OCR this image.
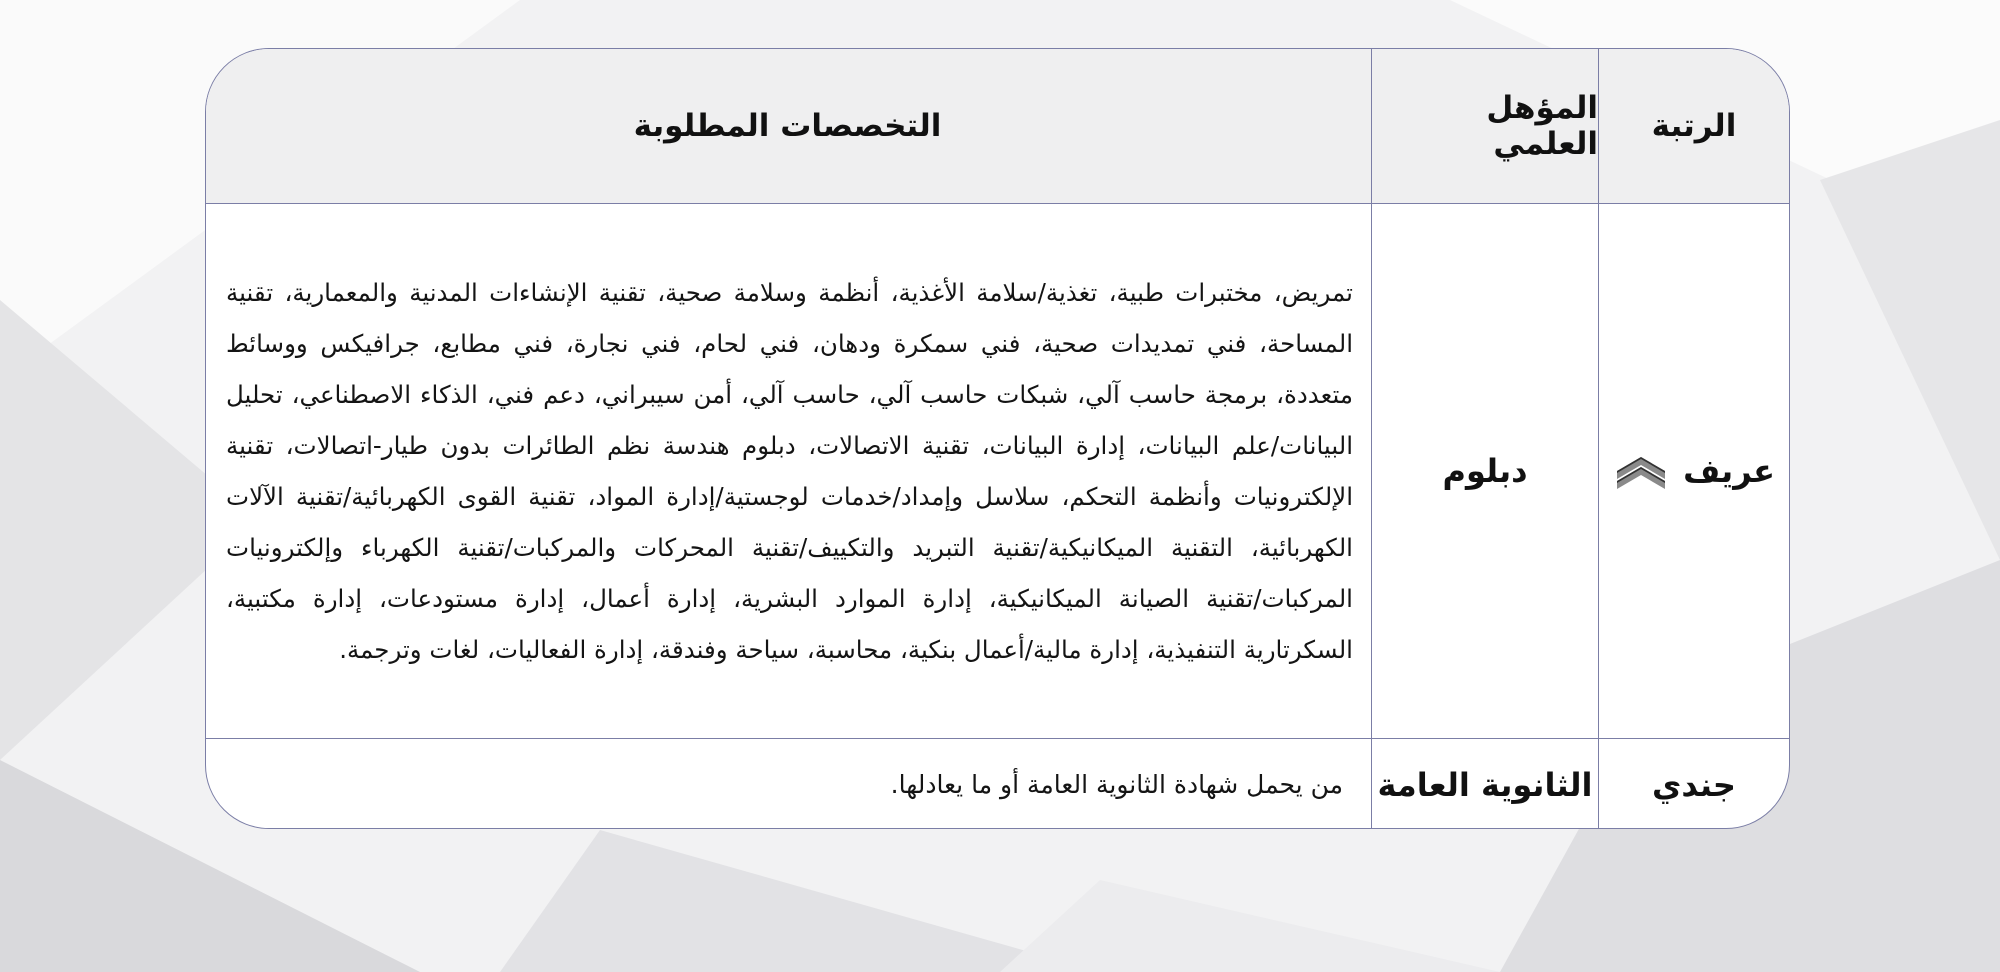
الرتبة
المؤهل العلمي
التخصصات المطلوبة
عريف
دبلوم
تمريض، مختبرات طبية، تغذية/سلامة الأغذية، أنظمة وسلامة صحية، تقنية الإنشاءات المدنية والمعمارية، تقنية المساحة، فني تمديدات صحية، فني سمكرة ودهان، فني لحام، فني نجارة، فني مطابع، جرافيكس ووسائط متعددة، برمجة حاسب آلي، شبكات حاسب آلي، حاسب آلي، أمن سيبراني، دعم فني، الذكاء الاصطناعي، تحليل البيانات/علم البيانات، إدارة البيانات، تقنية الاتصالات، دبلوم هندسة نظم الطائرات بدون طيار-اتصالات، تقنية الإلكترونيات وأنظمة التحكم، سلاسل وإمداد/خدمات لوجستية/إدارة المواد، تقنية القوى الكهربائية/تقنية الآلات الكهربائية، التقنية الميكانيكية/تقنية التبريد والتكييف/تقنية المحركات والمركبات/تقنية الكهرباء وإلكترونيات المركبات/تقنية الصيانة الميكانيكية، إدارة الموارد البشرية، إدارة أعمال، إدارة مستودعات، إدارة مكتبية، السكرتارية التنفيذية، إدارة مالية/أعمال بنكية، محاسبة، سياحة وفندقة، إدارة الفعاليات، لغات وترجمة.
جندي
الثانوية العامة
من يحمل شهادة الثانوية العامة أو ما يعادلها.
